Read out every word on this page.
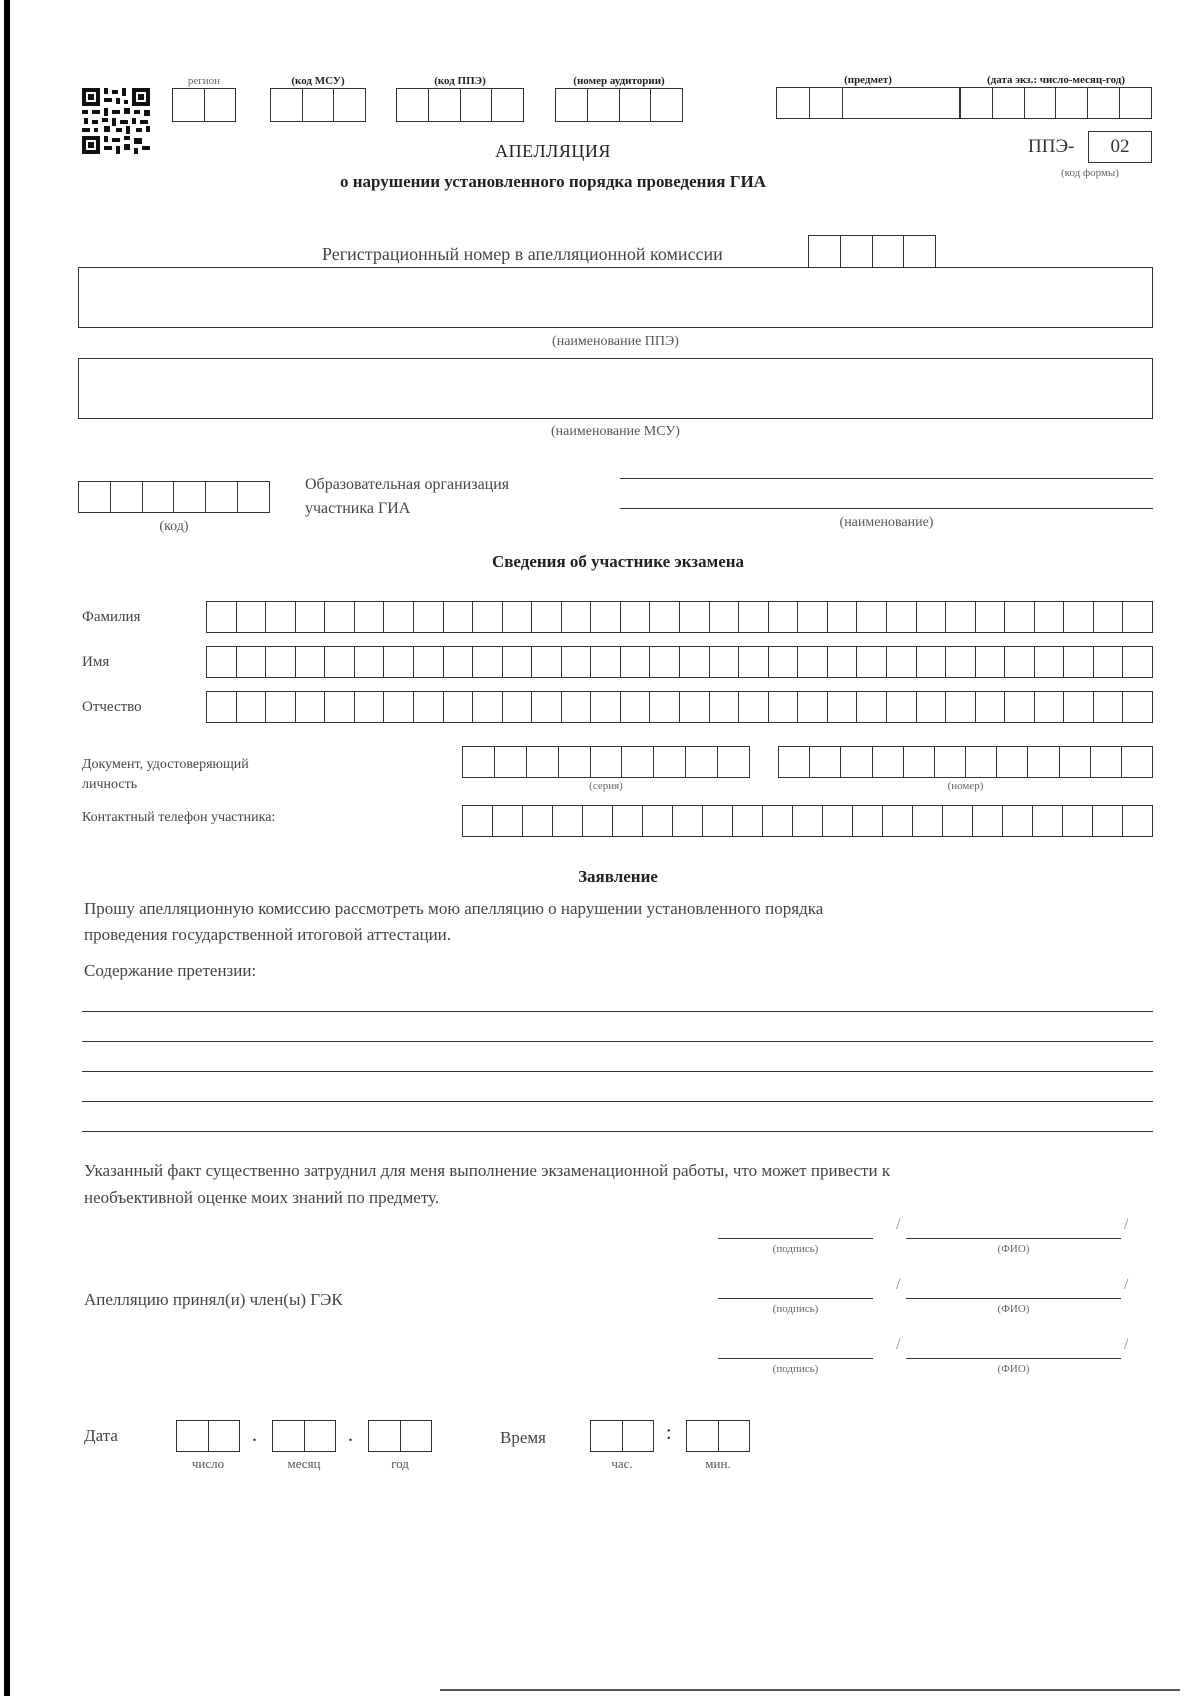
регион	(код МСУ)	(код ППЭ)	(номер аудитории)	(предмет)	(дата экз.: число-месяц-год)
АПЕЛЛЯЦИЯ
о нарушении установленного порядка проведения ГИА
ППЭ-	02
(код формы)
Регистрационный номер в апелляционной комиссии
(наименование ППЭ)
(наименование МСУ)
(код)
Образовательная организация
участника ГИА
(наименование)
Сведения об участнике экзамена
Фамилия
Имя
Отчество
Документ, удостоверяющий
личность	(серия)	(номер)
Контактный телефон участника:
Заявление
Прошу апелляционную комиссию рассмотреть мою апелляцию о нарушении установленного порядка
проведения государственной итоговой аттестации.
Содержание претензии:
Указанный факт существенно затруднил для меня выполнение экзаменационной работы, что может привести к
необъективной оценке моих знаний по предмету.
/	/
(подпись)	(ФИО)
Апелляцию принял(и) член(ы) ГЭК
/	/
(подпись)	(ФИО)
/	/
(подпись)	(ФИО)
Дата	.	.
число	месяц	год
Время	:
час.	мин.
